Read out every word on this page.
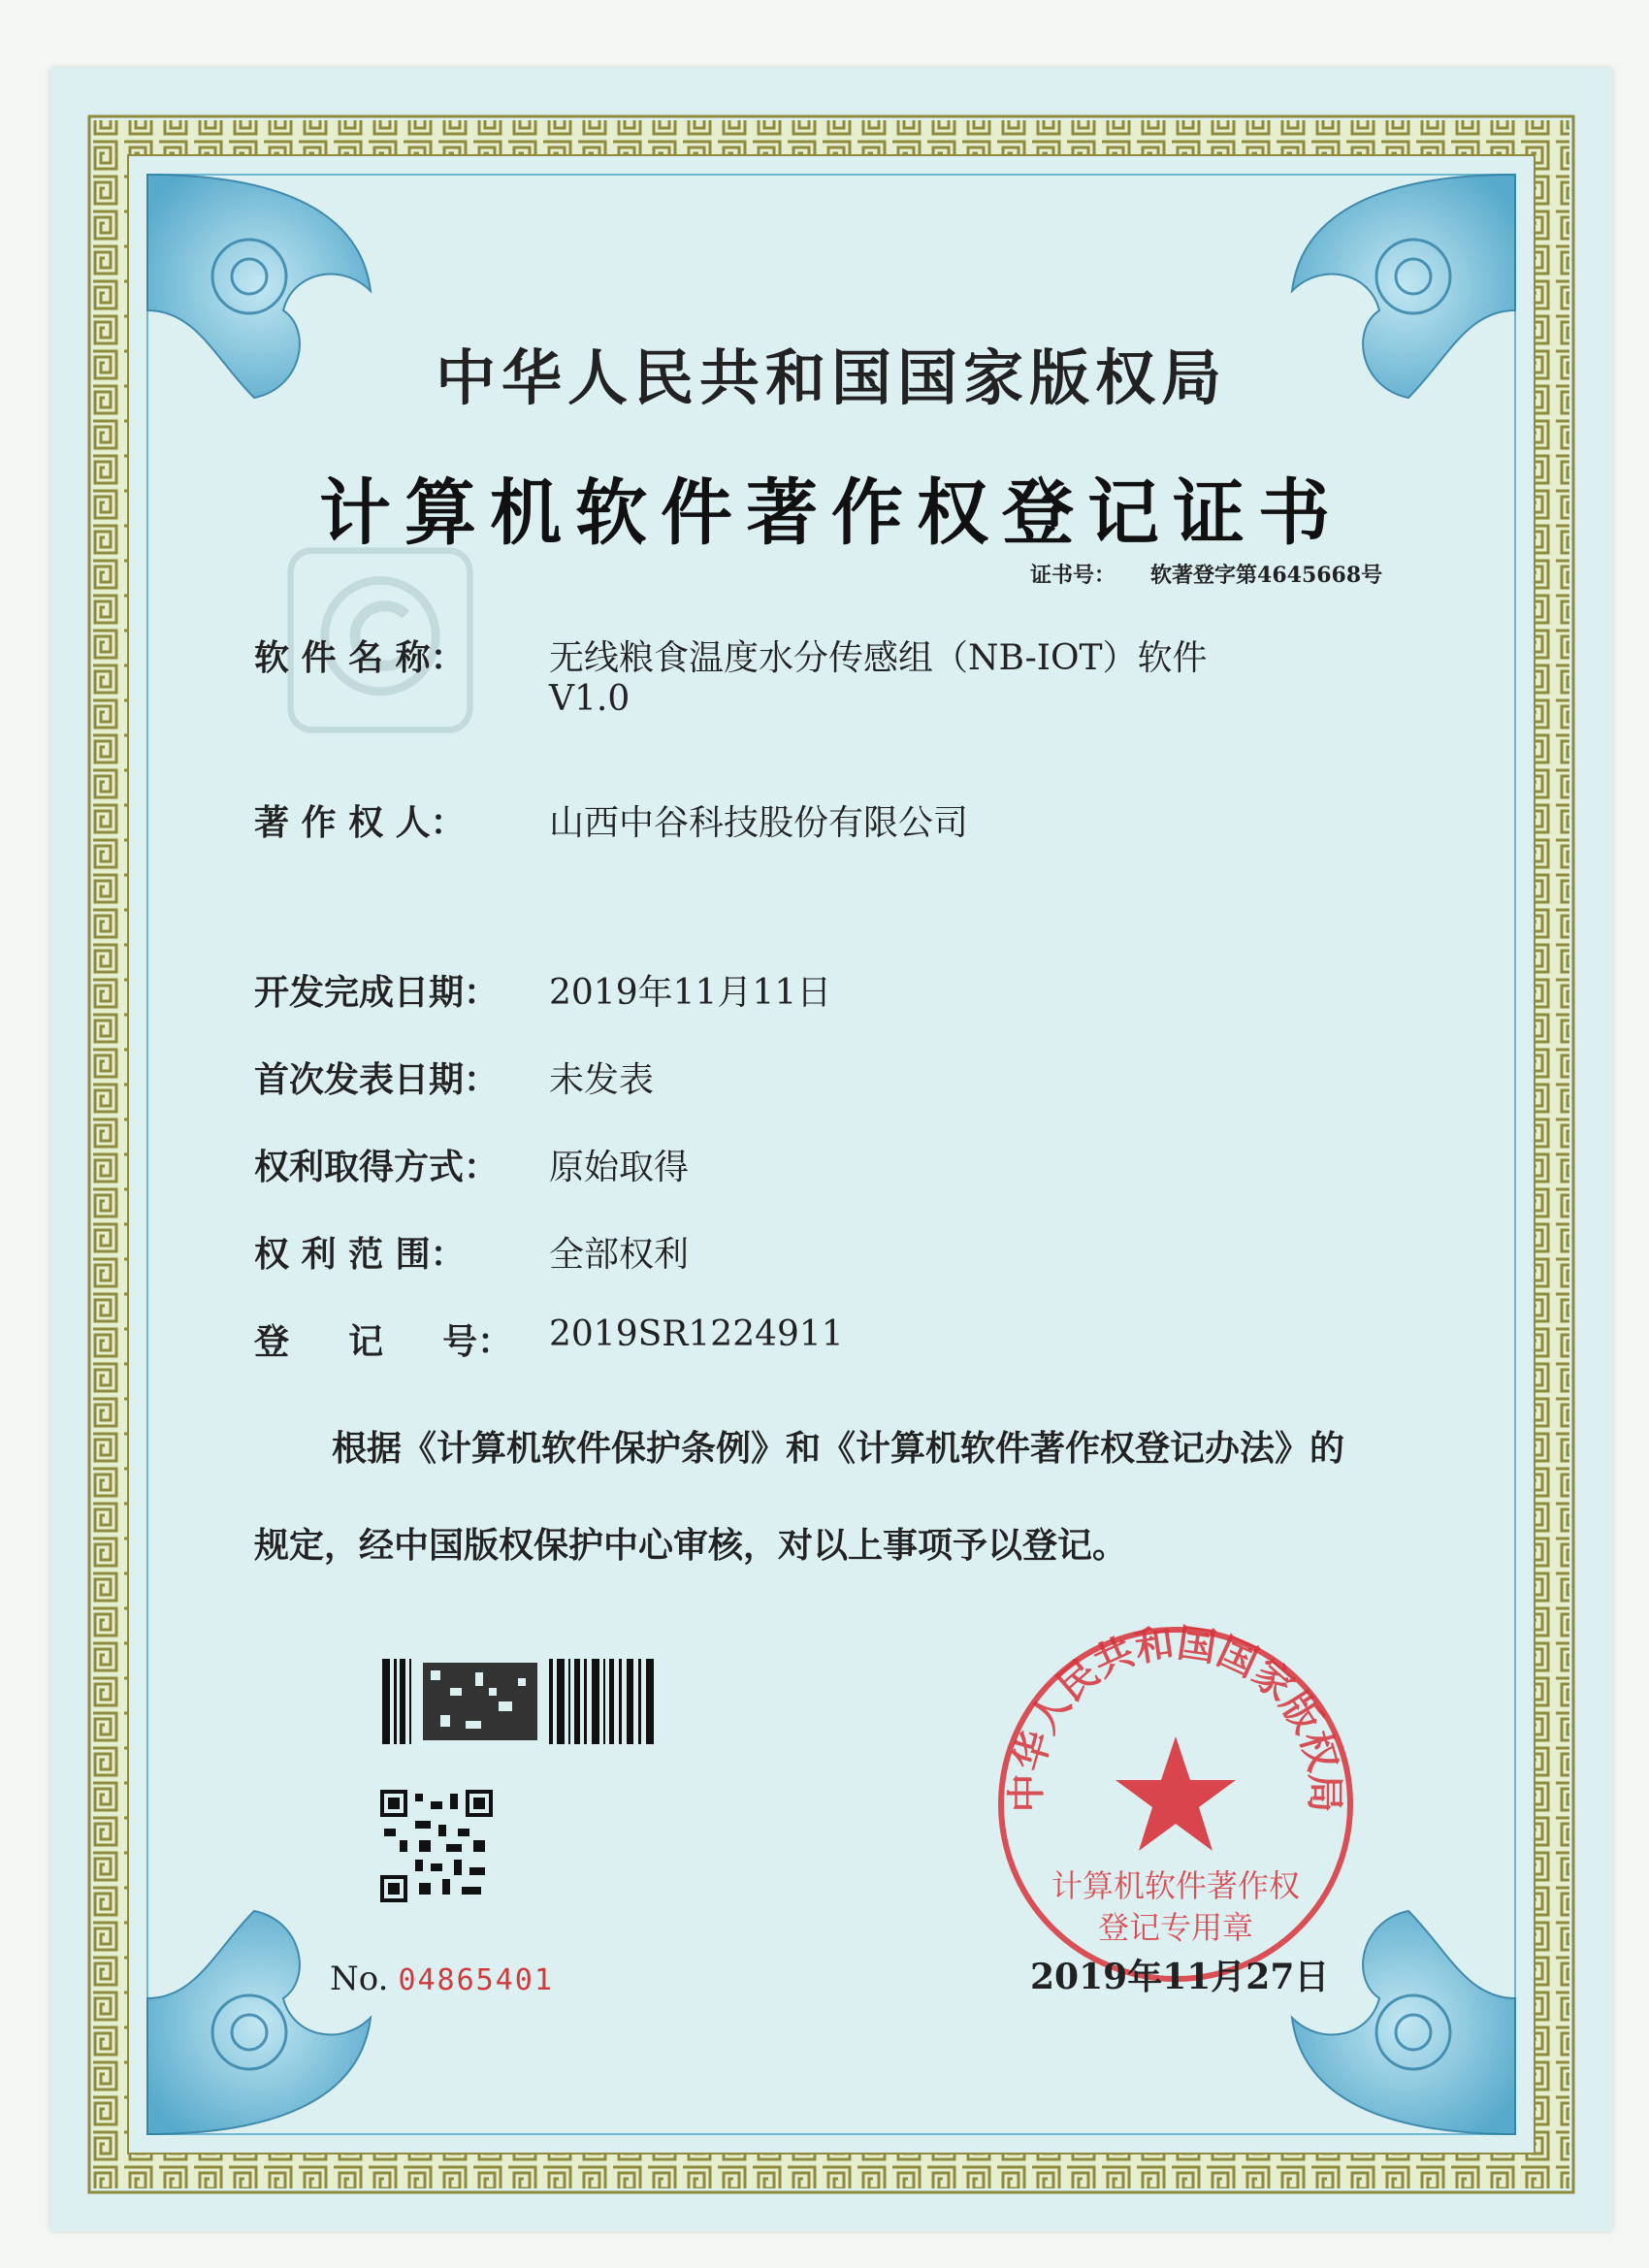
中华人民共和国国家版权局
计算机软件著作权登记证书
证书号： 软著登字第4645668号
软 件 名 称： 无线粮食温度水分传感组（NB-IOT）软件
V1.0
著 作 权 人： 山西中谷科技股份有限公司
开发完成日期： 2019年11月11日
首次发表日期： 未发表
权利取得方式： 原始取得
权 利 范 围： 全部权利
登 　 记 　 号： 2019SR1224911
根据《计算机软件保护条例》和《计算机软件著作权登记办法》的
规定，经中国版权保护中心审核，对以上事项予以登记。
No. 04865401
中华人民共和国国家版权局
计算机软件著作权
登记专用章
2019年11月27日
